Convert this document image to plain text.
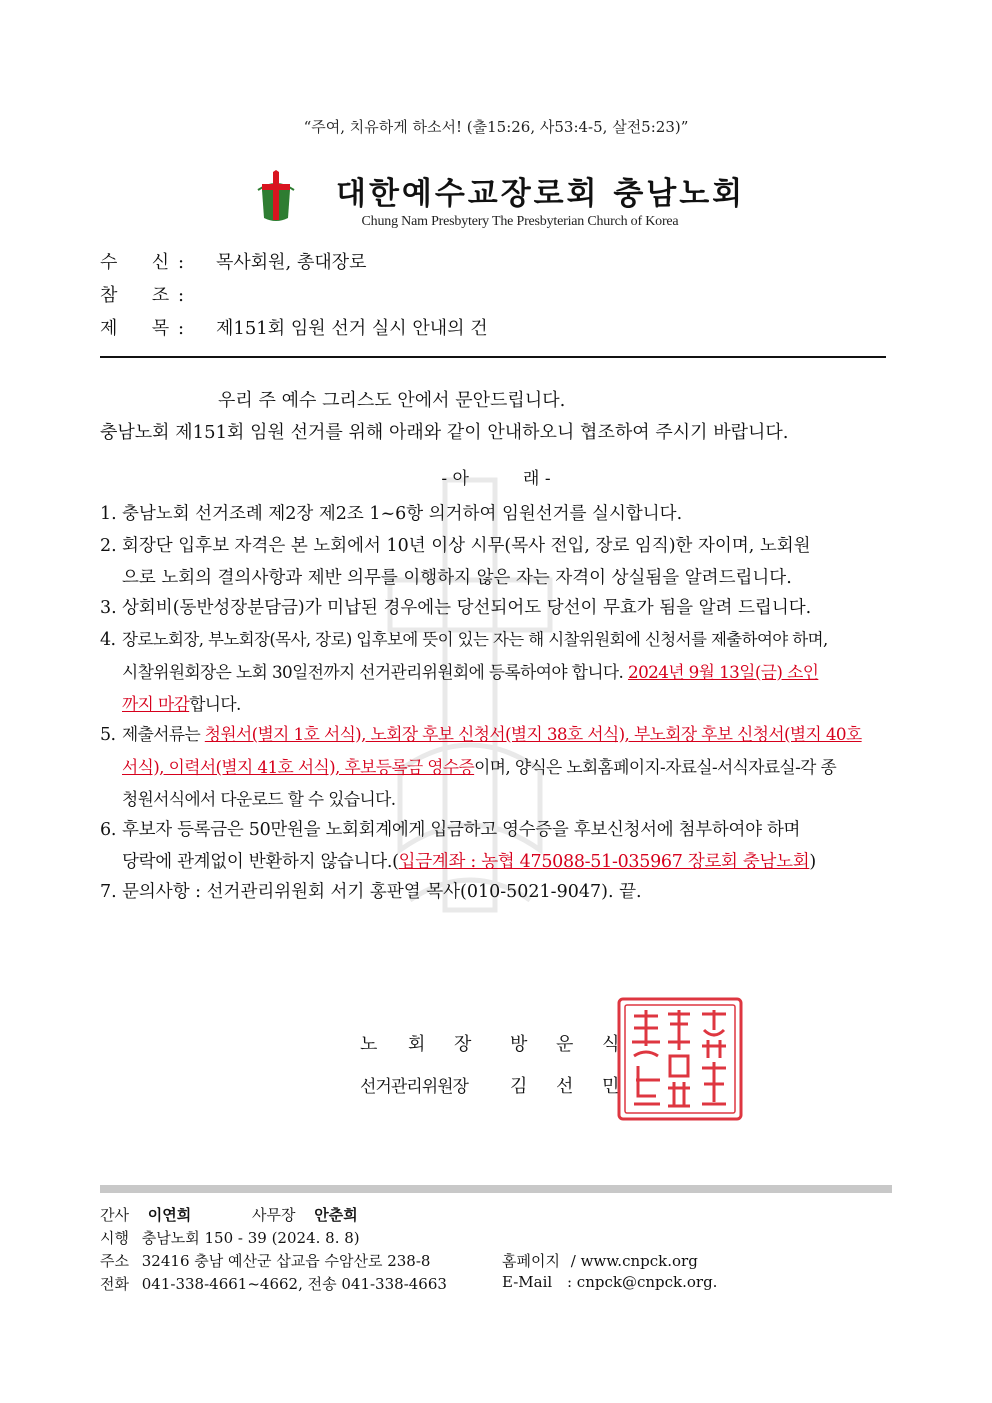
“주여, 치유하게 하소서! (출15:26, 사53:4-5, 살전5:23)”
대한예수교장로회 충남노회
Chung Nam Presbytery The Presbyterian Church of Korea
수      신 : 목사회원, 총대장로
참      조 :
제      목 : 제151회 임원 선거 실시 안내의 건
우리 주 예수 그리스도 안에서 문안드립니다.
충남노회 제151회 임원 선거를 위해 아래와 같이 안내하오니 협조하여 주시기 바랍니다.
- 아          래 -
1. 충남노회 선거조례 제2장 제2조 1~6항 의거하여 임원선거를 실시합니다.
2. 회장단 입후보 자격은 본 노회에서 10년 이상 시무(목사 전입, 장로 임직)한 자이며, 노회원
으로 노회의 결의사항과 제반 의무를 이행하지 않은 자는 자격이 상실됨을 알려드립니다.
3. 상회비(동반성장분담금)가 미납된 경우에는 당선되어도 당선이 무효가 됨을 알려 드립니다.
4. 장로노회장, 부노회장(목사, 장로) 입후보에 뜻이 있는 자는 해 시찰위원회에 신청서를 제출하여야 하며,
시찰위원회장은 노회 30일전까지 선거관리위원회에 등록하여야 합니다. 2024년 9월 13일(금) 소인
까지 마감합니다.
5. 제출서류는 청원서(별지 1호 서식), 노회장 후보 신청서(별지 38호 서식), 부노회장 후보 신청서(별지 40호
서식), 이력서(별지 41호 서식), 후보등록금 영수증이며, 양식은 노회홈페이지-자료실-서식자료실-각 종
청원서식에서 다운로드 할 수 있습니다.
6. 후보자 등록금은 50만원을 노회회계에게 입금하고 영수증을 후보신청서에 첨부하여야 하며
당락에 관계없이 반환하지 않습니다.(입금계좌 : 농협 475088-51-035967 장로회 충남노회)
7. 문의사항 : 선거관리위원회 서기 홍판열 목사(010-5021-9047). 끝.
노 회 장 방 운 식
선거관리위원장 김 선 민
간사 이연희	사무장 안춘희
시행 충남노회 150 - 39 (2024. 8. 8)
주소 32416 충남 예산군 삽교읍 수암산로 238-8	홈페이지 / www.cnpck.org
전화 041-338-4661~4662, 전송 041-338-4663	E-Mail : cnpck@cnpck.org.
